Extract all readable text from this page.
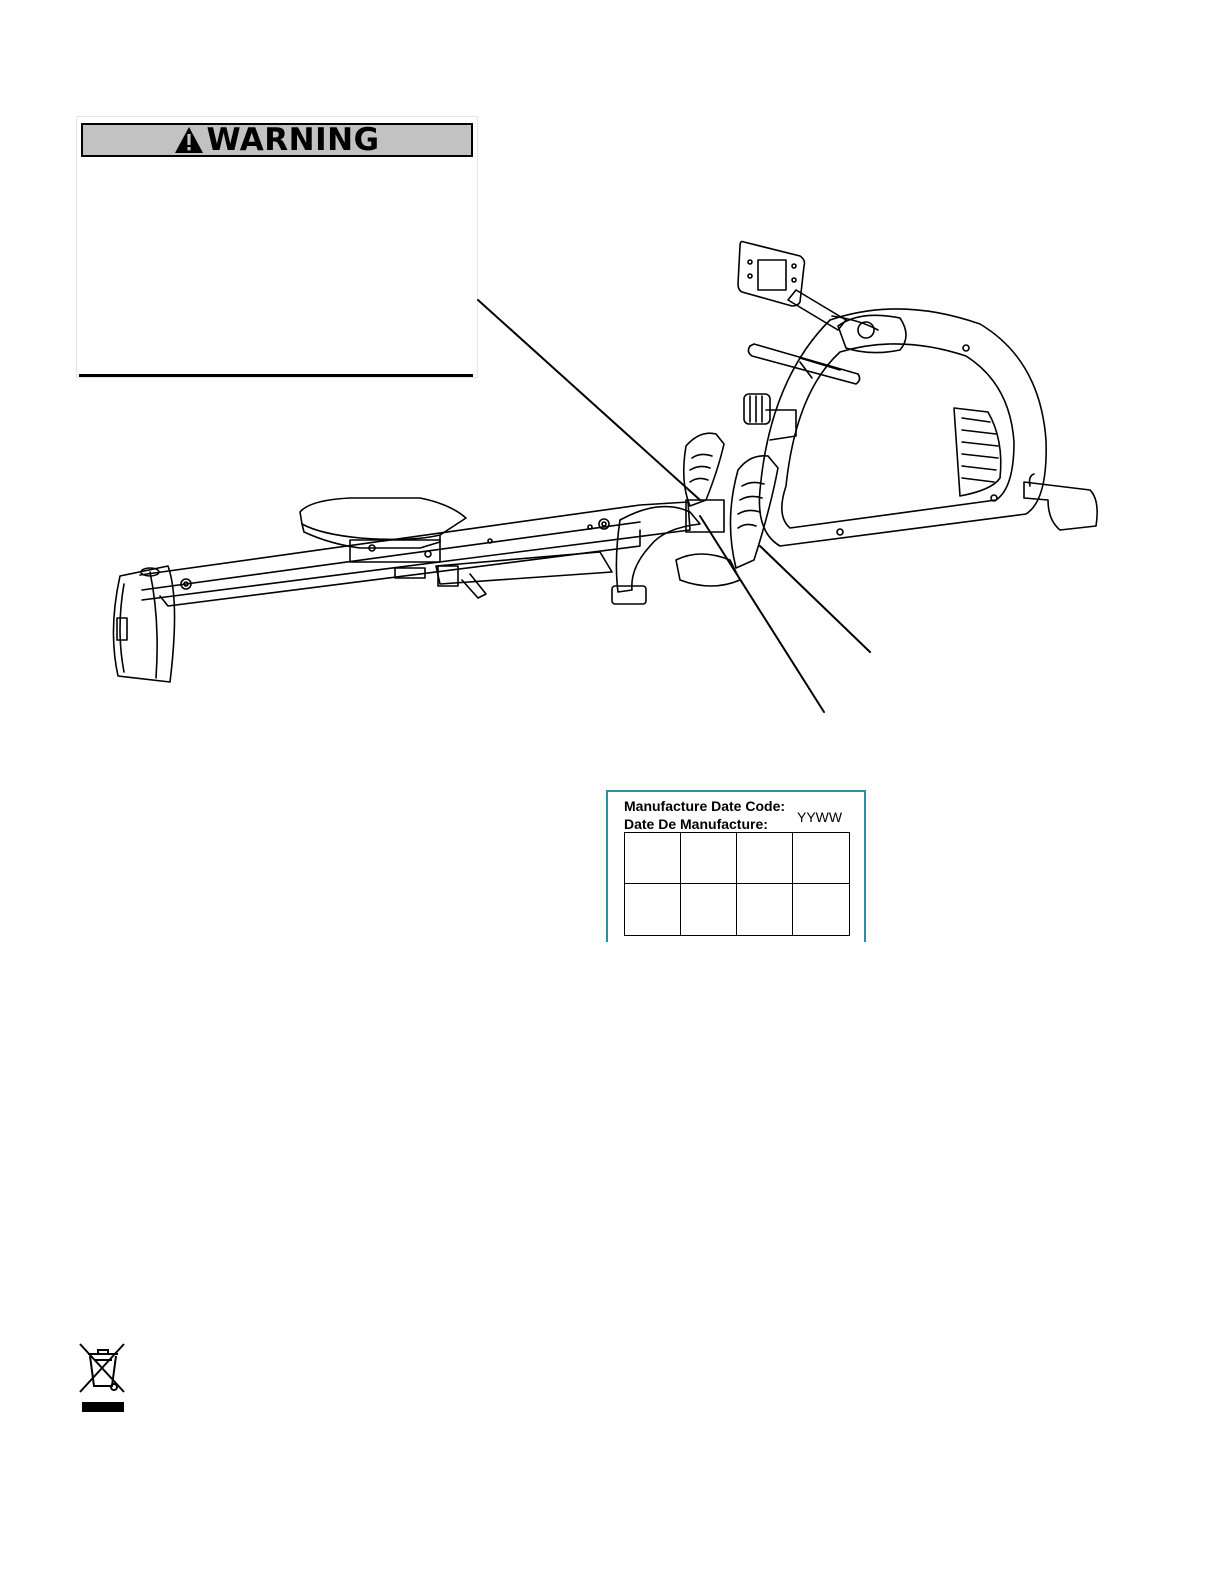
WARNING
Manufacture Date Code:
Date De Manufacture: YYWW
